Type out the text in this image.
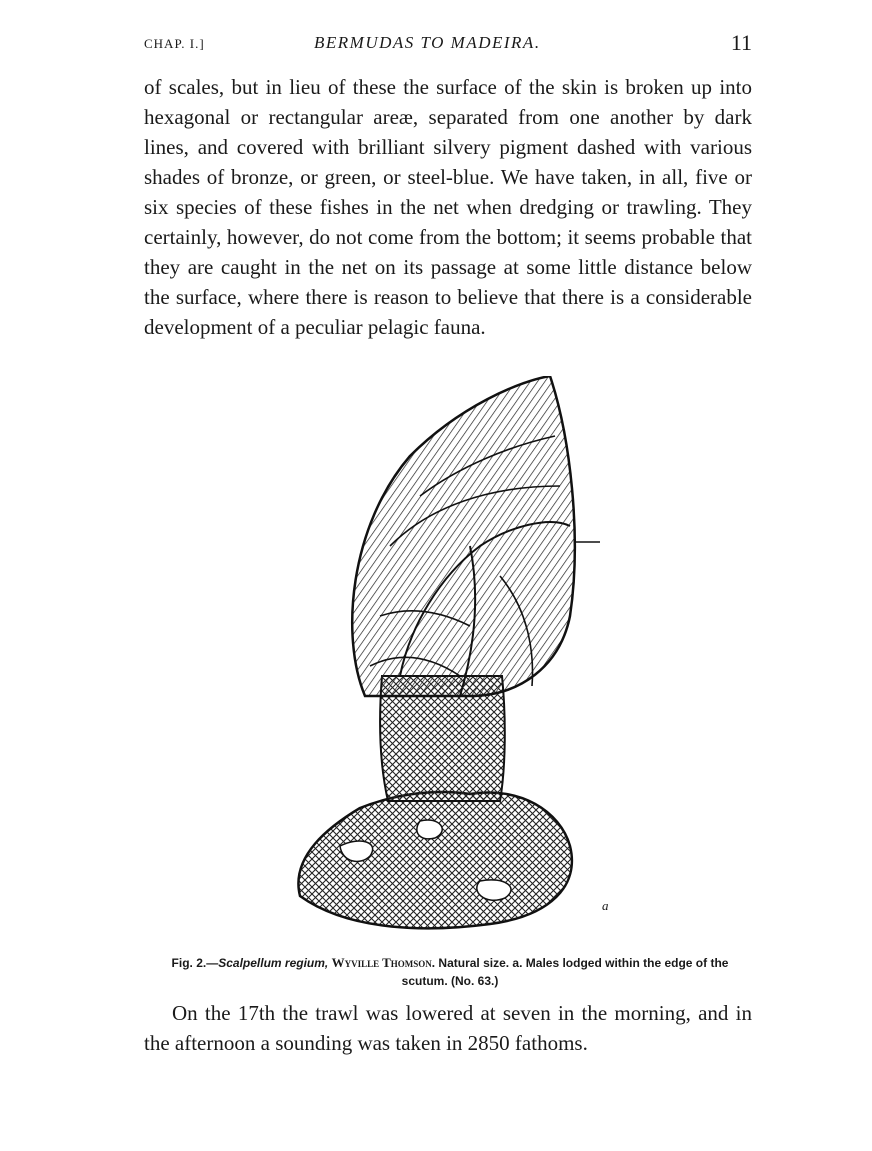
CHAP. I.]	BERMUDAS TO MADEIRA.	11

of scales, but in lieu of these the surface of the skin is broken up into hexagonal or rectangular areæ, separated from one another by dark lines, and covered with brilliant silvery pigment dashed with various shades of bronze, or green, or steel-blue. We have taken, in all, five or six species of these fishes in the net when dredging or trawling. They certainly, however, do not come from the bottom; it seems probable that they are caught in the net on its passage at some little distance below the surface, where there is reason to believe that there is a considerable development of a peculiar pelagic fauna.

a

Fig. 2.—Scalpellum regium, Wyville Thomson. Natural size. a. Males lodged within the edge of the scutum. (No. 63.)

On the 17th the trawl was lowered at seven in the morning, and in the afternoon a sounding was taken in 2850 fathoms.
